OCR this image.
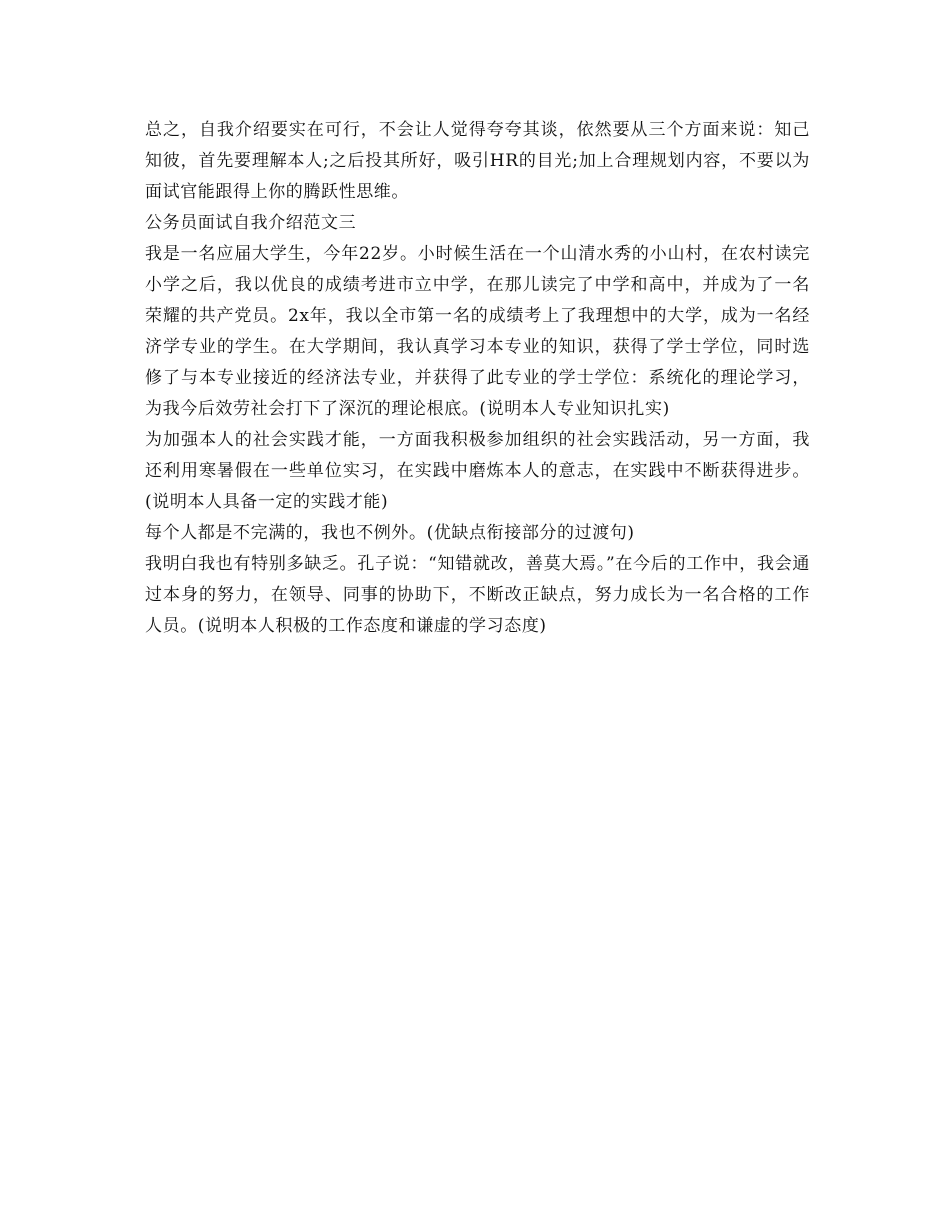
总之，自我介绍要实在可行，不会让人觉得夸夸其谈，依然要从三个方面来说：知己知彼，首先要理解本人;之后投其所好，吸引HR的目光;加上合理规划内容，不要以为面试官能跟得上你的腾跃性思维。

公务员面试自我介绍范文三

我是一名应届大学生，今年22岁。小时候生活在一个山清水秀的小山村，在农村读完小学之后，我以优良的成绩考进市立中学，在那儿读完了中学和高中，并成为了一名荣耀的共产党员。2x年，我以全市第一名的成绩考上了我理想中的大学，成为一名经济学专业的学生。在大学期间，我认真学习本专业的知识，获得了学士学位，同时选修了与本专业接近的经济法专业，并获得了此专业的学士学位：系统化的理论学习，为我今后效劳社会打下了深沉的理论根底。(说明本人专业知识扎实)

为加强本人的社会实践才能，一方面我积极参加组织的社会实践活动，另一方面，我还利用寒暑假在一些单位实习，在实践中磨炼本人的意志，在实践中不断获得进步。(说明本人具备一定的实践才能)

每个人都是不完满的，我也不例外。(优缺点衔接部分的过渡句)

我明白我也有特别多缺乏。孔子说：“知错就改，善莫大焉。”在今后的工作中，我会通过本身的努力，在领导、同事的协助下，不断改正缺点，努力成长为一名合格的工作人员。(说明本人积极的工作态度和谦虚的学习态度)
